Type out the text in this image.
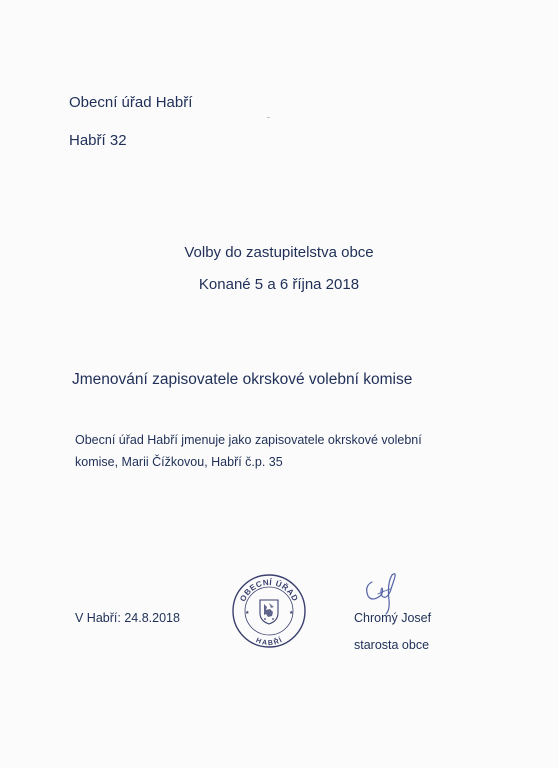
Obecní úřad Habří
Habří 32
Volby do zastupitelstva obce
Konané 5 a 6 října 2018
Jmenování zapisovatele okrskové volební komise
Obecní úřad Habří jmenuje jako zapisovatele okrskové volební
komise, Marii Čížkovou, Habří č.p. 35
V Habří: 24.8.2018
OBECNÍ ÚŘAD
HABŘÍ
★	★	Chromý Josef
starosta obce
